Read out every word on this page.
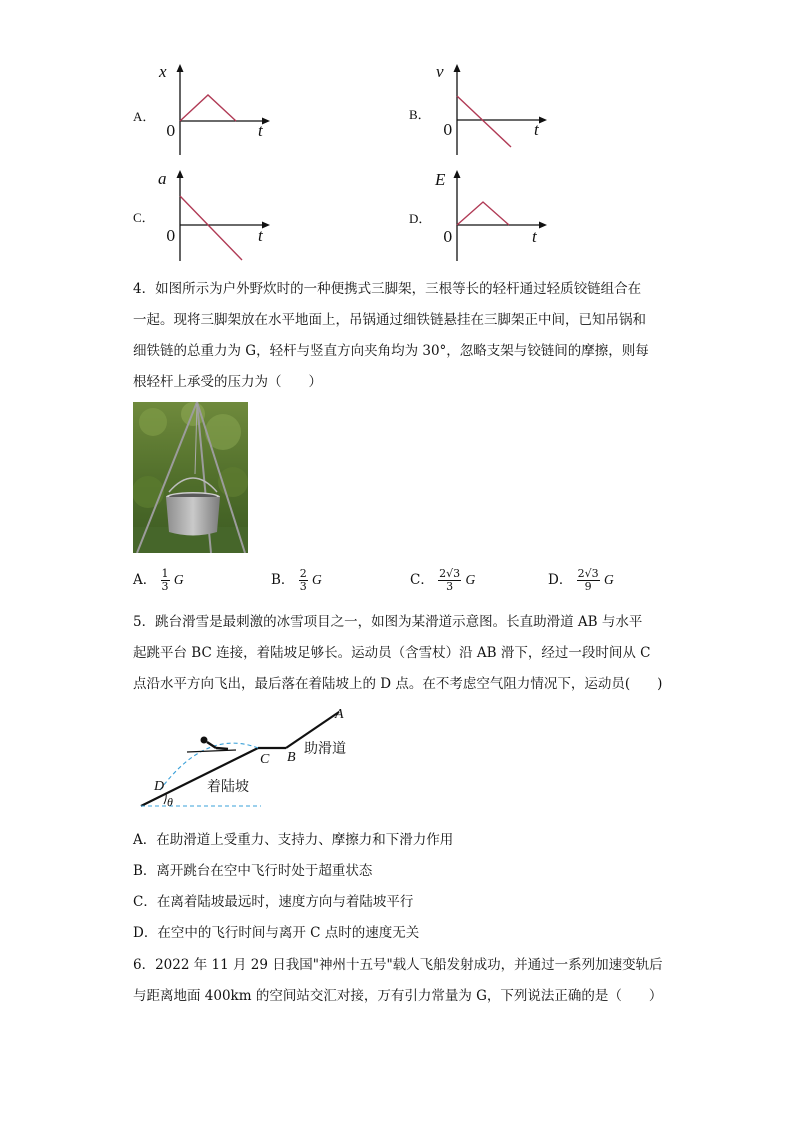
A．
x
0	t
B．
v
0	t
C．
a
0	t
D．
E
0	t
4．如图所示为户外野炊时的一种便携式三脚架，三根等长的轻杆通过轻质铰链组合在
一起。现将三脚架放在水平地面上，吊锅通过细铁链悬挂在三脚架正中间，已知吊锅和
细铁链的总重力为 G，轻杆与竖直方向夹角均为 30°，忽略支架与铰链间的摩擦，则每
根轻杆上承受的压力为（　　）
A． $\frac{1}{3}$ G	B． $\frac{2}{3}$ G	C． $\frac{2√3}{3}$ G	D． $\frac{2√3}{9}$ G
5．跳台滑雪是最刺激的冰雪项目之一，如图为某滑道示意图。长直助滑道 AB 与水平
起跳平台 BC 连接，着陆坡足够长。运动员（含雪杖）沿 AB 滑下，经过一段时间从 C
点沿水平方向飞出，最后落在着陆坡上的 D 点。在不考虑空气阻力情况下，运动员(　　)
A
B
C
D
θ
助滑道
着陆坡
A．在助滑道上受重力、支持力、摩擦力和下滑力作用
B．离开跳台在空中飞行时处于超重状态
C．在离着陆坡最远时，速度方向与着陆坡平行
D．在空中的飞行时间与离开 C 点时的速度无关
6．2022 年 11 月 29 日我国"神州十五号"载人飞船发射成功，并通过一系列加速变轨后
与距离地面 400km 的空间站交汇对接，万有引力常量为 G，下列说法正确的是（　　）
